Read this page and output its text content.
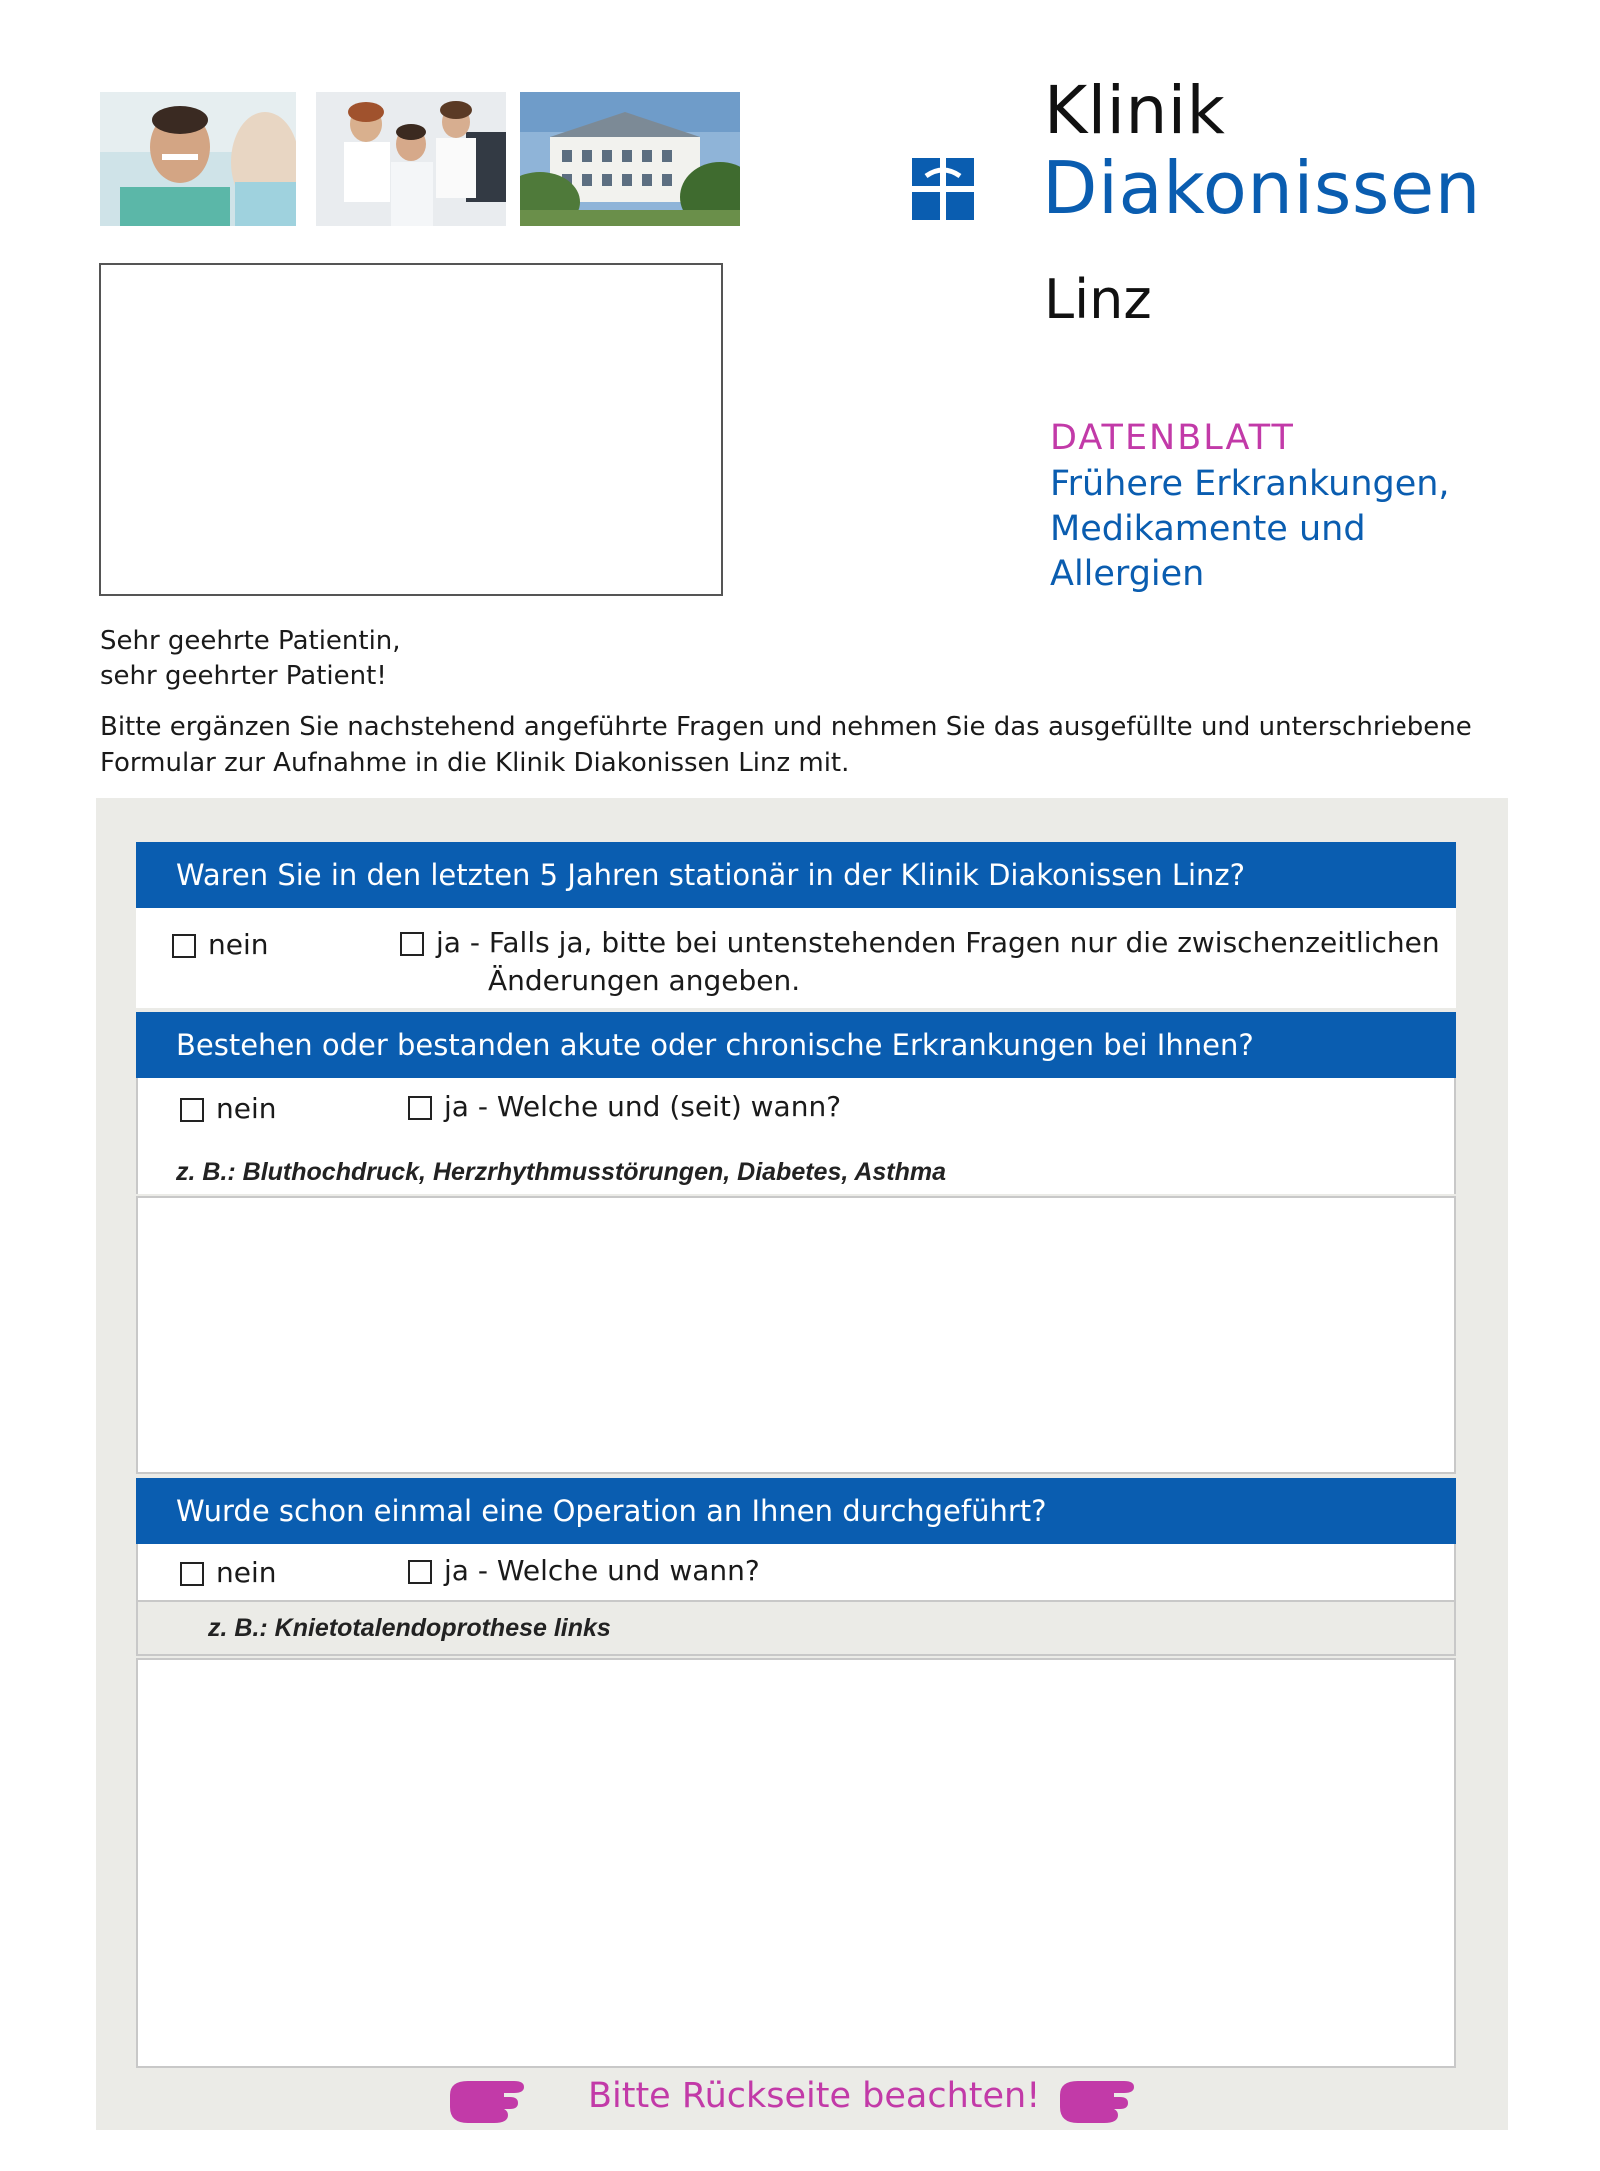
Klinik
Diakonissen
Linz
DATENBLATT
Frühere Erkrankungen, Medikamente und Allergien
Sehr geehrte Patientin,
sehr geehrter Patient!
Bitte ergänzen Sie nachstehend angeführte Fragen und nehmen Sie das ausgefüllte und unterschriebene Formular zur Aufnahme in die Klinik Diakonissen Linz mit.
Waren Sie in den letzten 5 Jahren stationär in der Klinik Diakonissen Linz?
nein	ja - Falls ja, bitte bei untenstehenden Fragen nur die zwischenzeitlichen
Änderungen angeben.
Bestehen oder bestanden akute oder chronische Erkrankungen bei Ihnen?
nein	ja - Welche und (seit) wann?
z. B.: Bluthochdruck, Herzrhythmusstörungen, Diabetes, Asthma
Wurde schon einmal eine Operation an Ihnen durchgeführt?
nein	ja - Welche und wann?
z. B.: Knietotalendoprothese links
Bitte Rückseite beachten!
